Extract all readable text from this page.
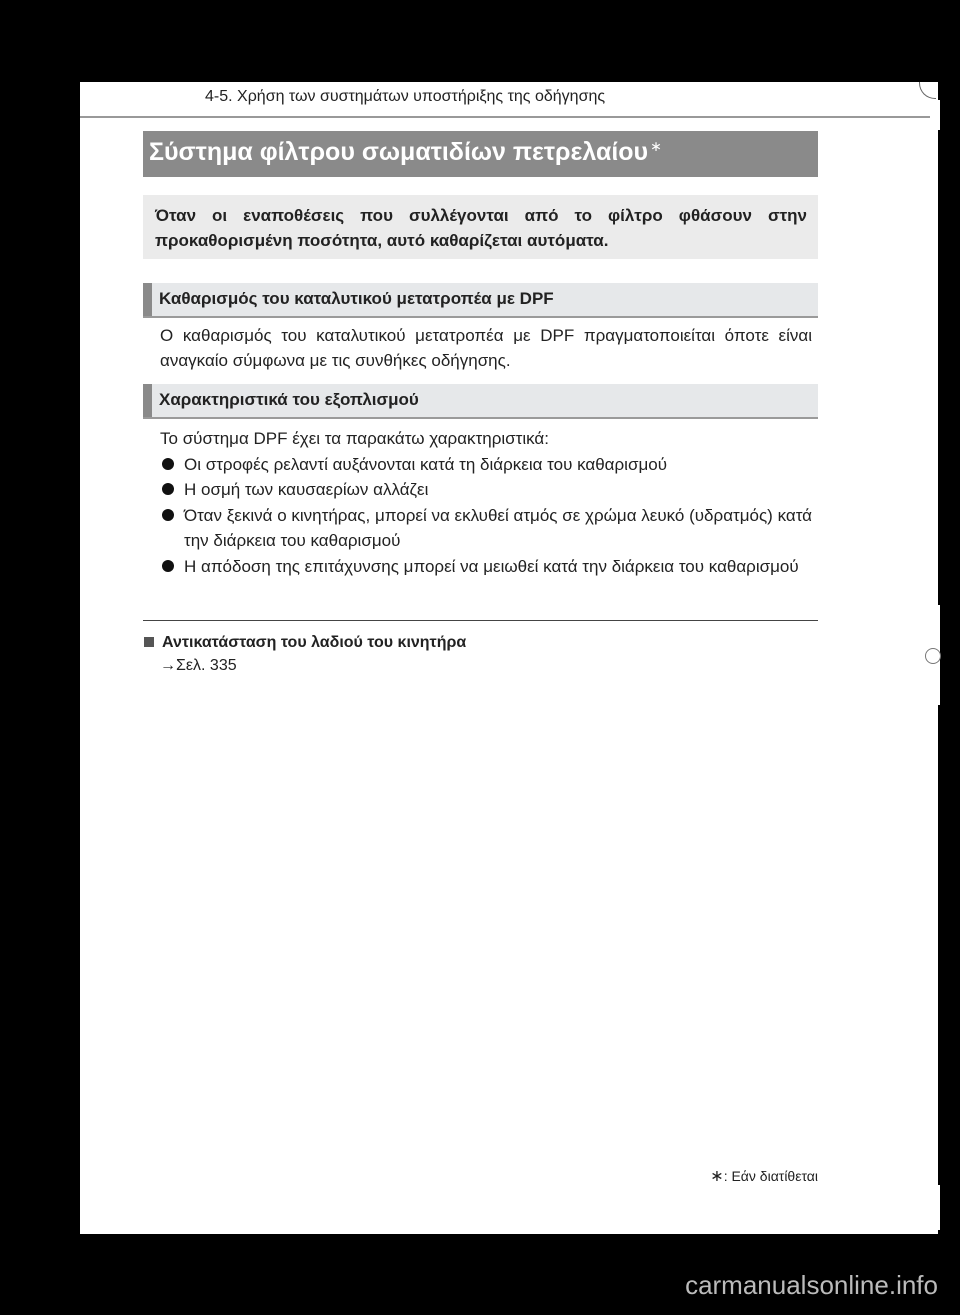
4-5. Χρήση των συστημάτων υποστήριξης της οδήγησης
Σύστημα φίλτρου σωματιδίων πετρελαίου ∗
Όταν οι εναποθέσεις που συλλέγονται από το φίλτρο φθάσουν στην προκαθορισμένη ποσότητα, αυτό καθαρίζεται αυτόματα.
Καθαρισμός του καταλυτικού μετατροπέα με DPF
Ο καθαρισμός του καταλυτικού μετατροπέα με DPF πραγματοποιείται όποτε είναι αναγκαίο σύμφωνα με τις συνθήκες οδήγησης.
Χαρακτηριστικά του εξοπλισμού
Το σύστημα DPF έχει τα παρακάτω χαρακτηριστικά:
Οι στροφές ρελαντί αυξάνονται κατά τη διάρκεια του καθαρισμού
Η οσμή των καυσαερίων αλλάζει
Όταν ξεκινά ο κινητήρας, μπορεί να εκλυθεί ατμός σε χρώμα λευκό (υδρατμός) κατά την διάρκεια του καθαρισμού
Η απόδοση της επιτάχυνσης μπορεί να μειωθεί κατά την διάρκεια του καθαρισμού
Αντικατάσταση του λαδιού του κινητήρα
→Σελ. 335
∗: Εάν διατίθεται
carmanualsonline.info
